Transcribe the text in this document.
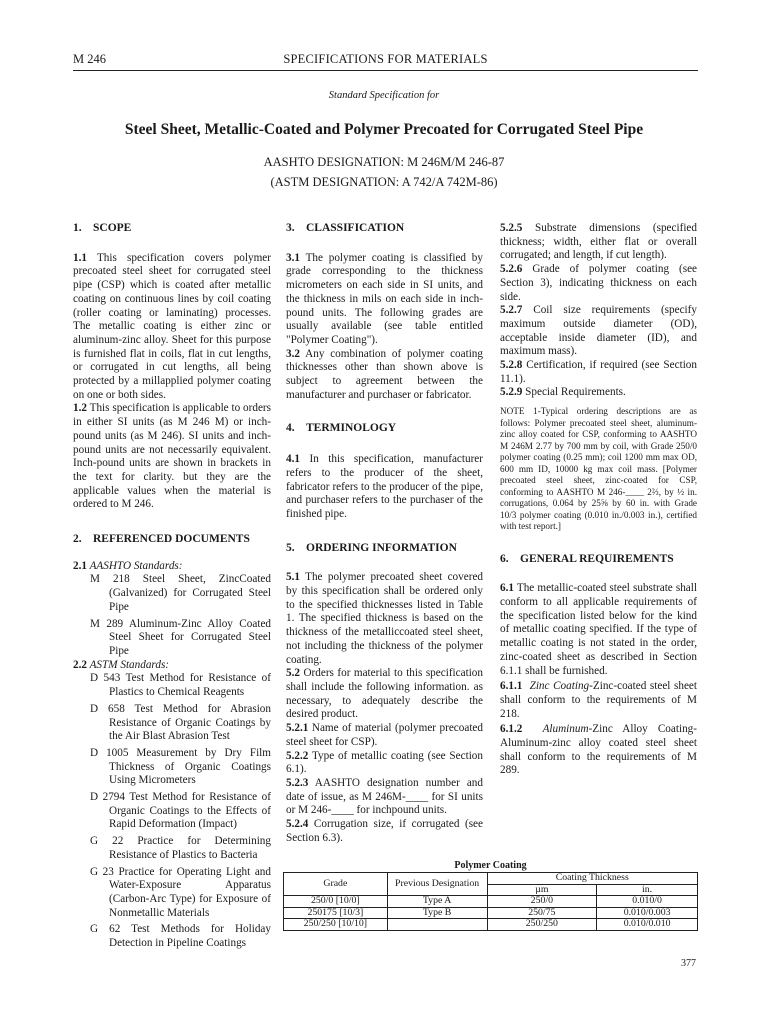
M 246	SPECIFICATIONS FOR MATERIALS
Standard Specification for
Steel Sheet, Metallic-Coated and Polymer Precoated for Corrugated Steel Pipe
AASHTO DESIGNATION: M 246M/M 246-87
(ASTM DESIGNATION: A 742/A 742M-86)

1. SCOPE

1.1 This specification covers polymer precoated steel sheet for corrugated steel pipe (CSP) which is coated after metallic coating on continuous lines by coil coating (roller coating or laminating) processes. The metallic coating is either zinc or aluminum-zinc alloy. Sheet for this purpose is furnished flat in coils, flat in cut lengths, or corrugated in cut lengths, all being protected by a millapplied polymer coating on one or both sides.

1.2 This specification is applicable to orders in either SI units (as M 246 M) or inch-pound units (as M 246). SI units and inch-pound units are not necessarily equivalent. Inch-pound units are shown in brackets in the text for clarity. but they are the applicable values when the material is ordered to M 246.

2. REFERENCED DOCUMENTS

2.1 AASHTO Standards:

M 218 Steel Sheet, ZincCoated (Galvanized) for Corrugated Steel Pipe

M 289 Aluminum-Zinc Alloy Coated Steel Sheet for Corrugated Steel Pipe

2.2 ASTM Standards:

D 543 Test Method for Resistance of Plastics to Chemical Reagents

D 658 Test Method for Abrasion Resistance of Organic Coatings by the Air Blast Abrasion Test

D 1005 Measurement by Dry Film Thickness of Organic Coatings Using Micrometers

D 2794 Test Method for Resistance of Organic Coatings to the Effects of Rapid Deformation (Impact)

G 22 Practice for Determining Resistance of Plastics to Bacteria

G 23 Practice for Operating Light and Water-Exposure Apparatus (Carbon-Arc Type) for Exposure of Nonmetallic Materials

G 62 Test Methods for Holiday Detection in Pipeline Coatings

3. CLASSIFICATION

3.1 The polymer coating is classified by grade corresponding to the thickness micrometers on each side in SI units, and the thickness in mils on each side in inch-pound units. The following grades are usually available (see table entitled "Polymer Coating").

3.2 Any combination of polymer coating thicknesses other than shown above is subject to agreement between the manufacturer and purchaser or fabricator.

4. TERMINOLOGY

4.1 In this specification, manufacturer refers to the producer of the sheet, fabricator refers to the producer of the pipe, and purchaser refers to the purchaser of the finished pipe.

5. ORDERING INFORMATION

5.1 The polymer precoated sheet covered by this specification shall be ordered only to the specified thicknesses listed in Table 1. The specified thickness is based on the thickness of the metalliccoated steel sheet, not including the thickness of the polymer coating.

5.2 Orders for material to this specification shall include the following information. as necessary, to adequately describe the desired product.

5.2.1 Name of material (polymer precoated steel sheet for CSP).

5.2.2 Type of metallic coating (see Section 6.1).

5.2.3 AASHTO designation number and date of issue, as M 246M-____ for SI units or M 246-____ for inchpound units.

5.2.4 Corrugation size, if corrugated (see Section 6.3).

5.2.5 Substrate dimensions (specified thickness; width, either flat or overall corrugated; and length, if cut length).

5.2.6 Grade of polymer coating (see Section 3), indicating thickness on each side.

5.2.7 Coil size requirements (specify maximum outside diameter (OD), acceptable inside diameter (ID), and maximum mass).

5.2.8 Certification, if required (see Section 11.1).

5.2.9 Special Requirements.

NOTE 1-Typical ordering descriptions are as follows: Polymer precoated steel sheet, aluminum-zinc alloy coated for CSP, conforming to AASHTO M 246M 2.77 by 700 mm by coil, with Grade 250/0 polymer coating (0.25 mm); coil 1200 mm max OD, 600 mm ID, 10000 kg max coil mass. [Polymer precoated steel sheet, zinc-coated for CSP, conforming to AASHTO M 246-____ 2⅔, by ½ in. corrugations, 0.064 by 25⅝ by 60 in. with Grade 10/3 polymer coating (0.010 in./0.003 in.), certified with test report.]

6. GENERAL REQUIREMENTS

6.1 The metallic-coated steel substrate shall conform to all applicable requirements of the specification listed below for the kind of metallic coating specified. If the type of metallic coating is not stated in the order, zinc-coated sheet as described in Section 6.1.1 shall be furnished.

6.1.1 Zinc Coating-Zinc-coated steel sheet shall conform to the requirements of M 218.

6.1.2 Aluminum-Zinc Alloy Coating-Aluminum-zinc alloy coated steel sheet shall conform to the requirements of M 289.

Polymer Coating
Grade	Previous Designation	Coating Thickness	
		µm	in.
250/0 [10/0]	Type A	250/0	0.010/0
250175 [10/3]	Type B	250/75	0.010/0.003
250/250 [10/10]		250/250	0.010/0.010
377
